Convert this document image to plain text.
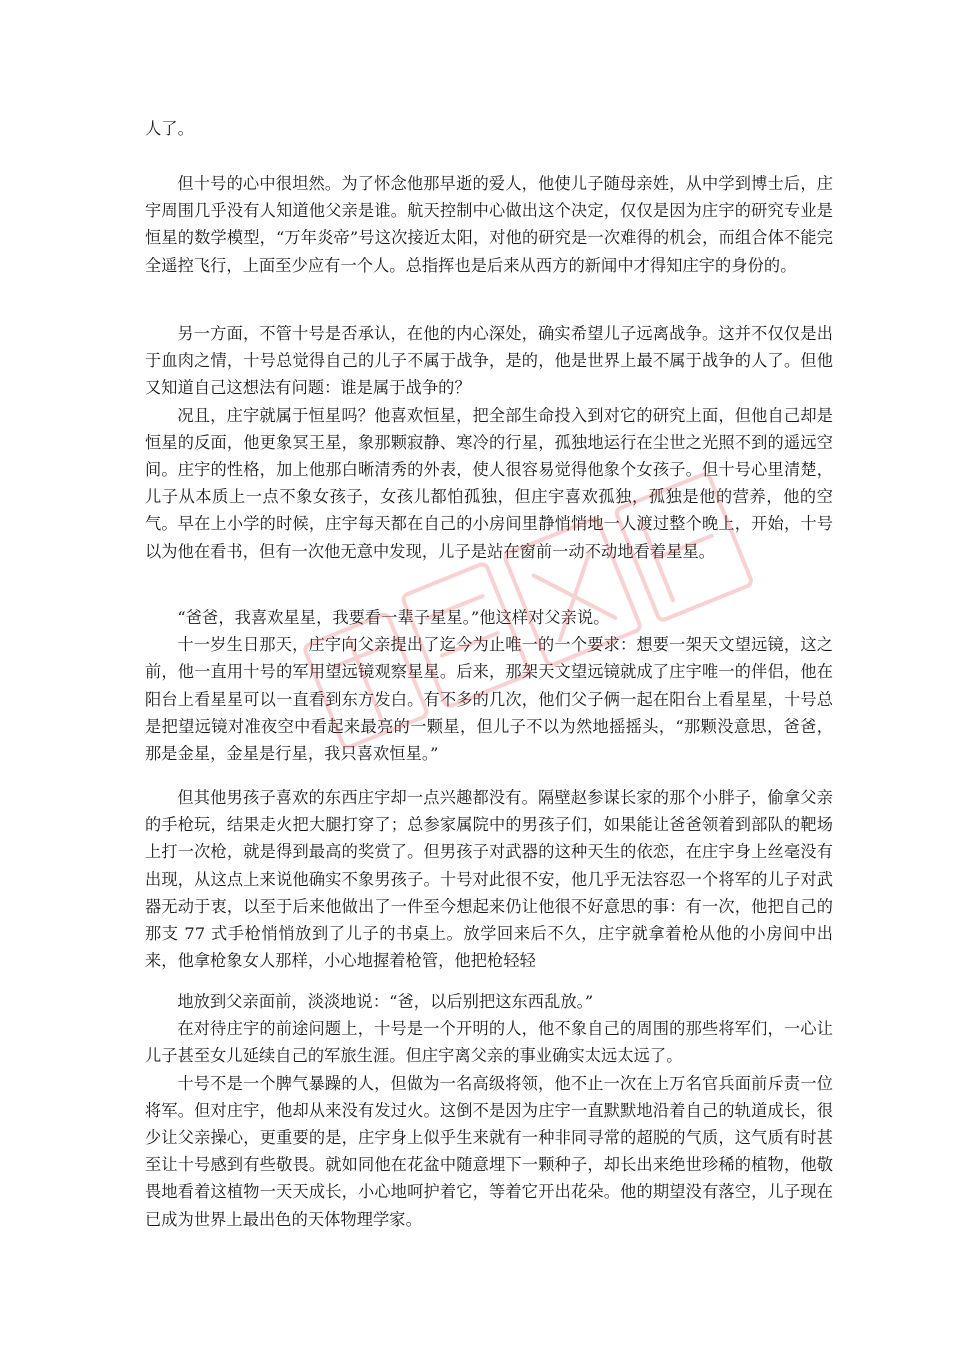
人了。

但十号的心中很坦然。为了怀念他那早逝的爱人，他使儿子随母亲姓，从中学到博士后，庄宇周围几乎没有人知道他父亲是谁。航天控制中心做出这个决定，仅仅是因为庄宇的研究专业是恒星的数学模型，“万年炎帝”号这次接近太阳，对他的研究是一次难得的机会，而组合体不能完全遥控飞行，上面至少应有一个人。总指挥也是后来从西方的新闻中才得知庄宇的身份的。

另一方面，不管十号是否承认，在他的内心深处，确实希望儿子远离战争。这并不仅仅是出于血肉之情，十号总觉得自己的儿子不属于战争，是的，他是世界上最不属于战争的人了。但他又知道自己这想法有问题：谁是属于战争的？

况且，庄宇就属于恒星吗？他喜欢恒星，把全部生命投入到对它的研究上面，但他自己却是恒星的反面，他更象冥王星，象那颗寂静、寒冷的行星，孤独地运行在尘世之光照不到的遥远空间。庄宇的性格，加上他那白晰清秀的外表，使人很容易觉得他象个女孩子。但十号心里清楚，儿子从本质上一点不象女孩子，女孩儿都怕孤独，但庄宇喜欢孤独，孤独是他的营养，他的空气。早在上小学的时候，庄宇每天都在自己的小房间里静悄悄地一人渡过整个晚上，开始，十号以为他在看书，但有一次他无意中发现，儿子是站在窗前一动不动地看着星星。

“爸爸，我喜欢星星，我要看一辈子星星。”他这样对父亲说。

十一岁生日那天，庄宇向父亲提出了迄今为止唯一的一个要求：想要一架天文望远镜，这之前，他一直用十号的军用望远镜观察星星。后来，那架天文望远镜就成了庄宇唯一的伴侣，他在阳台上看星星可以一直看到东方发白。有不多的几次，他们父子俩一起在阳台上看星星，十号总是把望远镜对准夜空中看起来最亮的一颗星，但儿子不以为然地摇摇头，“那颗没意思，爸爸，那是金星，金星是行星，我只喜欢恒星。”

但其他男孩子喜欢的东西庄宇却一点兴趣都没有。隔壁赵参谋长家的那个小胖子，偷拿父亲的手枪玩，结果走火把大腿打穿了；总参家属院中的男孩子们，如果能让爸爸领着到部队的靶场上打一次枪，就是得到最高的奖赏了。但男孩子对武器的这种天生的依恋，在庄宇身上丝毫没有出现，从这点上来说他确实不象男孩子。十号对此很不安，他几乎无法容忍一个将军的儿子对武器无动于衷，以至于后来他做出了一件至今想起来仍让他很不好意思的事：有一次，他把自己的那支 77 式手枪悄悄放到了儿子的书桌上。放学回来后不久，庄宇就拿着枪从他的小房间中出来，他拿枪象女人那样，小心地握着枪管，他把枪轻轻

地放到父亲面前，淡淡地说：“爸，以后别把这东西乱放。”

在对待庄宇的前途问题上，十号是一个开明的人，他不象自己的周围的那些将军们，一心让儿子甚至女儿延续自己的军旅生涯。但庄宇离父亲的事业确实太远太远了。

十号不是一个脾气暴躁的人，但做为一名高级将领，他不止一次在上万名官兵面前斥责一位将军。但对庄宇，他却从来没有发过火。这倒不是因为庄宇一直默默地沿着自己的轨道成长，很少让父亲操心，更重要的是，庄宇身上似乎生来就有一种非同寻常的超脱的气质，这气质有时甚至让十号感到有些敬畏。就如同他在花盆中随意埋下一颗种子，却长出来绝世珍稀的植物，他敬畏地看着这植物一天天成长，小心地呵护着它，等着它开出花朵。他的期望没有落空，儿子现在已成为世界上最出色的天体物理学家。
